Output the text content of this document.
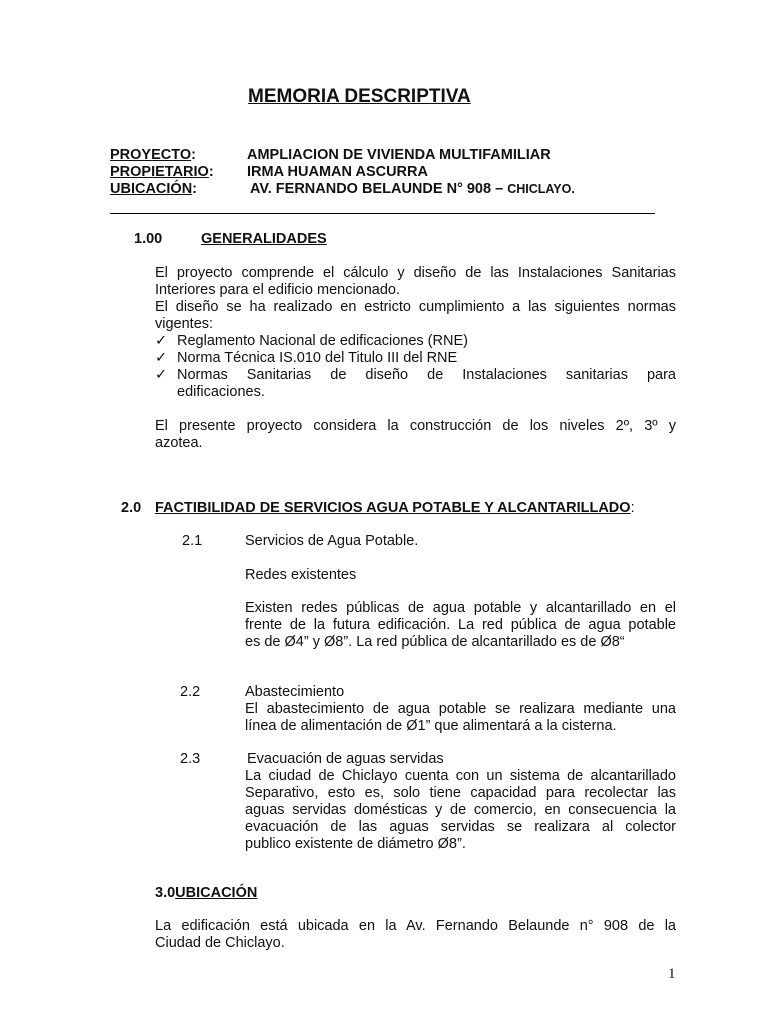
MEMORIA DESCRIPTIVA
PROYECTO:	AMPLIACION DE VIVIENDA MULTIFAMILIAR
PROPIETARIO: IRMA HUAMAN ASCURRA
UBICACIÓN:	AV. FERNANDO BELAUNDE N° 908 – CHICLAYO.
1.00	GENERALIDADES

El proyecto comprende el cálculo y diseño de las Instalaciones Sanitarias

Interiores para el edificio mencionado.

El diseño se ha realizado en estricto cumplimiento a las siguientes normas

vigentes:

✓ Reglamento Nacional de edificaciones (RNE)

✓ Norma Técnica IS.010 del Titulo III del RNE

✓ Normas Sanitarias de diseño de Instalaciones sanitarias para

edificaciones.

El presente proyecto considera la construcción de los niveles 2º, 3º y

azotea.

2.0 FACTIBILIDAD DE SERVICIOS AGUA POTABLE Y ALCANTARILLADO:
2.1	Servicios de Agua Potable.
Redes existentes

Existen redes públicas de agua potable y alcantarillado en el

frente de la futura edificación. La red pública de agua potable

es de Ø4” y Ø8”. La red pública de alcantarillado es de Ø8“

2.2	Abastecimiento

El abastecimiento de agua potable se realizara mediante una

línea de alimentación de Ø1” que alimentará a la cisterna.

2.3	Evacuación de aguas servidas

La ciudad de Chiclayo cuenta con un sistema de alcantarillado

Separativo, esto es, solo tiene capacidad para recolectar las

aguas servidas domésticas y de comercio, en consecuencia la

evacuación de las aguas servidas se realizara al colector

publico existente de diámetro Ø8”.

3.0UBICACIÓN

La edificación está ubicada en la Av. Fernando Belaunde n° 908 de la

Ciudad de Chiclayo.

1
